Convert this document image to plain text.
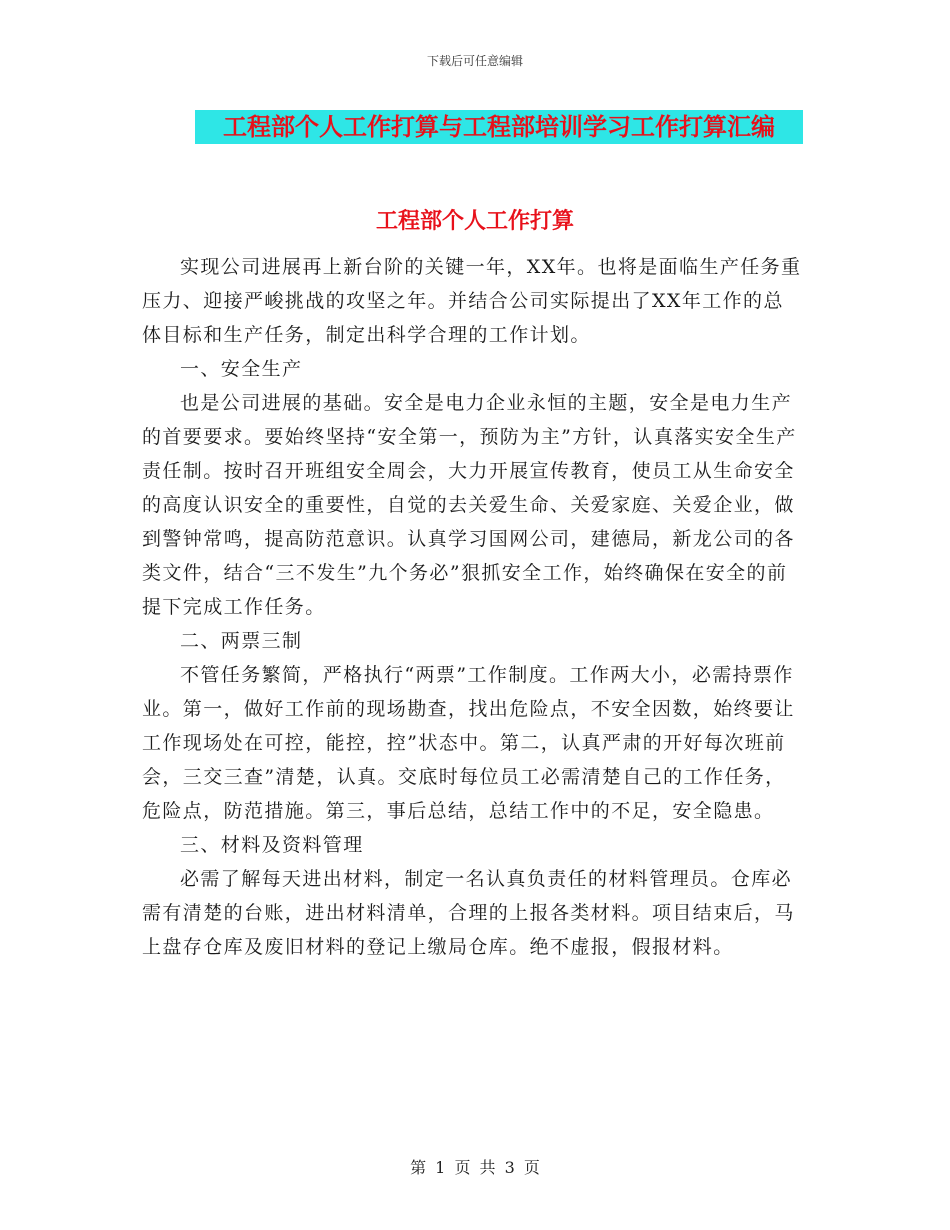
下载后可任意编辑
工程部个人工作打算与工程部培训学习工作打算汇编
工程部个人工作打算

实现公司进展再上新台阶的关键一年，XX年。也将是面临生产任务重压力、迎接严峻挑战的攻坚之年。并结合公司实际提出了XX年工作的总体目标和生产任务，制定出科学合理的工作计划。

一、安全生产

也是公司进展的基础。安全是电力企业永恒的主题，安全是电力生产的首要要求。要始终坚持“安全第一，预防为主”方针，认真落实安全生产责任制。按时召开班组安全周会，大力开展宣传教育，使员工从生命安全的高度认识安全的重要性，自觉的去关爱生命、关爱家庭、关爱企业，做到警钟常鸣，提高防范意识。认真学习国网公司，建德局，新龙公司的各类文件，结合“三不发生”九个务必”狠抓安全工作，始终确保在安全的前提下完成工作任务。

二、两票三制

不管任务繁简，严格执行“两票”工作制度。工作两大小，必需持票作业。第一，做好工作前的现场勘查，找出危险点，不安全因数，始终要让工作现场处在可控，能控，控”状态中。第二，认真严肃的开好每次班前会，三交三查”清楚，认真。交底时每位员工必需清楚自己的工作任务，危险点，防范措施。第三，事后总结，总结工作中的不足，安全隐患。

三、材料及资料管理

必需了解每天进出材料，制定一名认真负责任的材料管理员。仓库必需有清楚的台账，进出材料清单，合理的上报各类材料。项目结束后，马上盘存仓库及废旧材料的登记上缴局仓库。绝不虚报，假报材料。

第 1 页 共 3 页
